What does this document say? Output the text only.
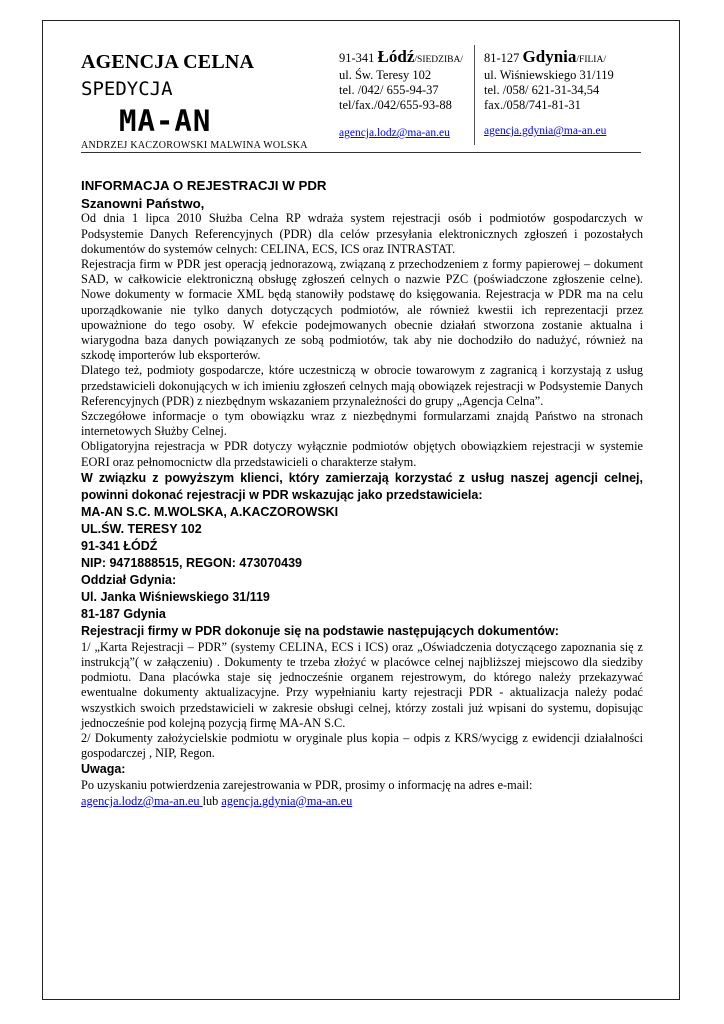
AGENCJA CELNA
SPEDYCJA
MA-AN
ANDRZEJ KACZOROWSKI MALWINA WOLSKA
91-341 Łódź/SIEDZIBA/
ul. Św. Teresy 102
tel. /042/ 655-94-37
tel/fax./042/655-93-88
agencja.lodz@ma-an.eu
81-127 Gdynia/FILIA/
ul. Wiśniewskiego 31/119
tel. /058/ 621-31-34,54
fax./058/741-81-31
agencja.gdynia@ma-an.eu
INFORMACJA O REJESTRACJI W PDR
Szanowni Państwo,

Od dnia 1 lipca 2010 Służba Celna RP wdraża system rejestracji osób i podmiotów gospodarczych w Podsystemie Danych Referencyjnych (PDR) dla celów przesyłania elektronicznych zgłoszeń i pozostałych dokumentów do systemów celnych: CELINA, ECS, ICS oraz INTRASTAT.

Rejestracja firm w PDR jest operacją jednorazową, związaną z przechodzeniem z formy papierowej – dokument SAD, w całkowicie elektroniczną obsługę zgłoszeń celnych o nazwie PZC (poświadczone zgłoszenie celne). Nowe dokumenty w formacie XML będą stanowiły podstawę do księgowania. Rejestracja w PDR ma na celu uporządkowanie nie tylko danych dotyczących podmiotów, ale również kwestii ich reprezentacji przez upoważnione do tego osoby. W efekcie podejmowanych obecnie działań stworzona zostanie aktualna i wiarygodna baza danych powiązanych ze sobą podmiotów, tak aby nie dochodziło do nadużyć, również na szkodę importerów lub eksporterów.

Dlatego też, podmioty gospodarcze, które uczestniczą w obrocie towarowym z zagranicą i korzystają z usług przedstawicieli dokonujących w ich imieniu zgłoszeń celnych mają obowiązek rejestracji w Podsystemie Danych Referencyjnych (PDR) z niezbędnym wskazaniem przynależności do grupy „Agencja Celna”.

Szczegółowe informacje o tym obowiązku wraz z niezbędnymi formularzami znajdą Państwo na stronach internetowych Służby Celnej.

Obligatoryjna rejestracja w PDR dotyczy wyłącznie podmiotów objętych obowiązkiem rejestracji w systemie EORI oraz pełnomocnictw dla przedstawicieli o charakterze stałym.

W związku z powyższym klienci, który zamierzają korzystać z usług naszej agencji celnej, powinni dokonać rejestracji w PDR wskazując jako przedstawiciela:

MA-AN S.C. M.WOLSKA, A.KACZOROWSKI
UL.ŚW. TERESY 102
91-341 ŁÓDŹ
NIP: 9471888515, REGON: 473070439
Oddział Gdynia:
Ul. Janka Wiśniewskiego 31/119
81-187 Gdynia
Rejestracji firmy w PDR dokonuje się na podstawie następujących dokumentów:

1/ „Karta Rejestracji – PDR” (systemy CELINA, ECS i ICS) oraz „Oświadczenia dotyczącego zapoznania się z instrukcją”( w załączeniu) . Dokumenty te trzeba złożyć w placówce celnej najbliższej miejscowo dla siedziby podmiotu. Dana placówka staje się jednocześnie organem rejestrowym, do którego należy przekazywać ewentualne dokumenty aktualizacyjne. Przy wypełnianiu karty rejestracji PDR - aktualizacja należy podać wszystkich swoich przedstawicieli w zakresie obsługi celnej, którzy zostali już wpisani do systemu, dopisując jednocześnie pod kolejną pozycją firmę MA-AN S.C.

2/ Dokumenty założycielskie podmiotu w oryginale plus kopia – odpis z KRS/wycigg z ewidencji działalności gospodarczej , NIP, Regon.

Uwaga:

Po uzyskaniu potwierdzenia zarejestrowania w PDR, prosimy o informację na adres e-mail:

agencja.lodz@ma-an.eu lub agencja.gdynia@ma-an.eu
